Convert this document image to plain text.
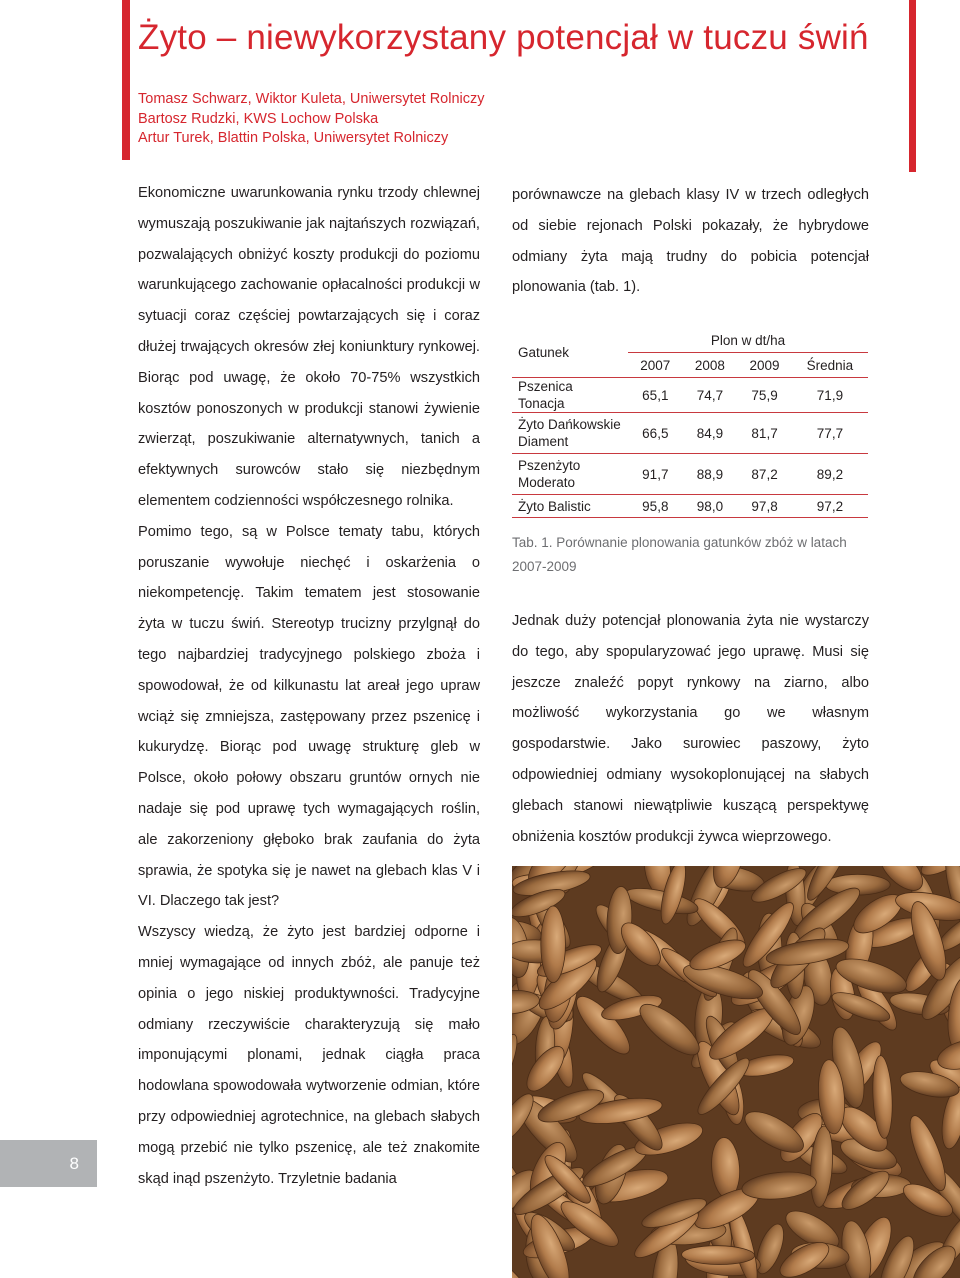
Żyto – niewykorzystany potencjał w tuczu świń
Tomasz Schwarz, Wiktor Kuleta, Uniwersytet Rolniczy
Bartosz Rudzki, KWS Lochow Polska
Artur Turek, Blattin Polska, Uniwersytet Rolniczy

Ekonomiczne uwarunkowania rynku trzody chlewnej wymuszają poszukiwanie jak najtańszych rozwiązań, pozwalających obniżyć koszty produkcji do poziomu warunkującego zachowanie opłacalności produkcji w sytuacji coraz częściej powtarzających się i coraz dłużej trwających okresów złej koniunktury rynkowej. Biorąc pod uwagę, że około 70-75% wszystkich kosztów ponoszonych w produkcji stanowi żywienie zwierząt, poszukiwanie alternatywnych, tanich a efektywnych surowców stało się niezbędnym elementem codzienności współczesnego rolnika.

Pomimo tego, są w Polsce tematy tabu, których poruszanie wywołuje niechęć i oskarżenia o niekompetencję. Takim tematem jest stosowanie żyta w tuczu świń. Stereotyp trucizny przylgnął do tego najbardziej tradycyjnego polskiego zboża i spowodował, że od kilkunastu lat areał jego upraw wciąż się zmniejsza, zastępowany przez pszenicę i kukurydzę. Biorąc pod uwagę strukturę gleb w Polsce, około połowy obszaru gruntów ornych nie nadaje się pod uprawę tych wymagających roślin, ale zakorzeniony głęboko brak zaufania do żyta sprawia, że spotyka się je nawet na glebach klas V i VI. Dlaczego tak jest?

Wszyscy wiedzą, że żyto jest bardziej odporne i mniej wymagające od innych zbóż, ale panuje też opinia o jego niskiej produktywności. Tradycyjne odmiany rzeczywiście charakteryzują się mało imponującymi plonami, jednak ciągła praca hodowlana spowodowała wytworzenie odmian, które przy odpowiedniej agrotechnice, na glebach słabych mogą przebić nie tylko pszenicę, ale też znakomite skąd inąd pszenżyto. Trzyletnie badania

porównawcze na glebach klasy IV w trzech odległych od siebie rejonach Polski pokazały, że hybrydowe odmiany żyta mają trudny do pobicia potencjał plonowania (tab. 1).

Gatunek	Plon w dt/ha			
	2007	2008	2009	Średnia
Pszenica Tonacja	65,1	74,7	75,9	71,9
Żyto Dańkowskie Diament	66,5	84,9	81,7	77,7
Pszenżyto Moderato	91,7	88,9	87,2	89,2
Żyto Balistic	95,8	98,0	97,8	97,2
Tab. 1. Porównanie plonowania gatunków zbóż w latach 2007-2009

Jednak duży potencjał plonowania żyta nie wystarczy do tego, aby spopularyzować jego uprawę. Musi się jeszcze znaleźć popyt rynkowy na ziarno, albo możliwość wykorzystania go we własnym gospodarstwie. Jako surowiec paszowy, żyto odpowiedniej odmiany wysokoplonującej na słabych glebach stanowi niewątpliwie kuszącą perspektywę obniżenia kosztów produkcji żywca wieprzowego.

8
